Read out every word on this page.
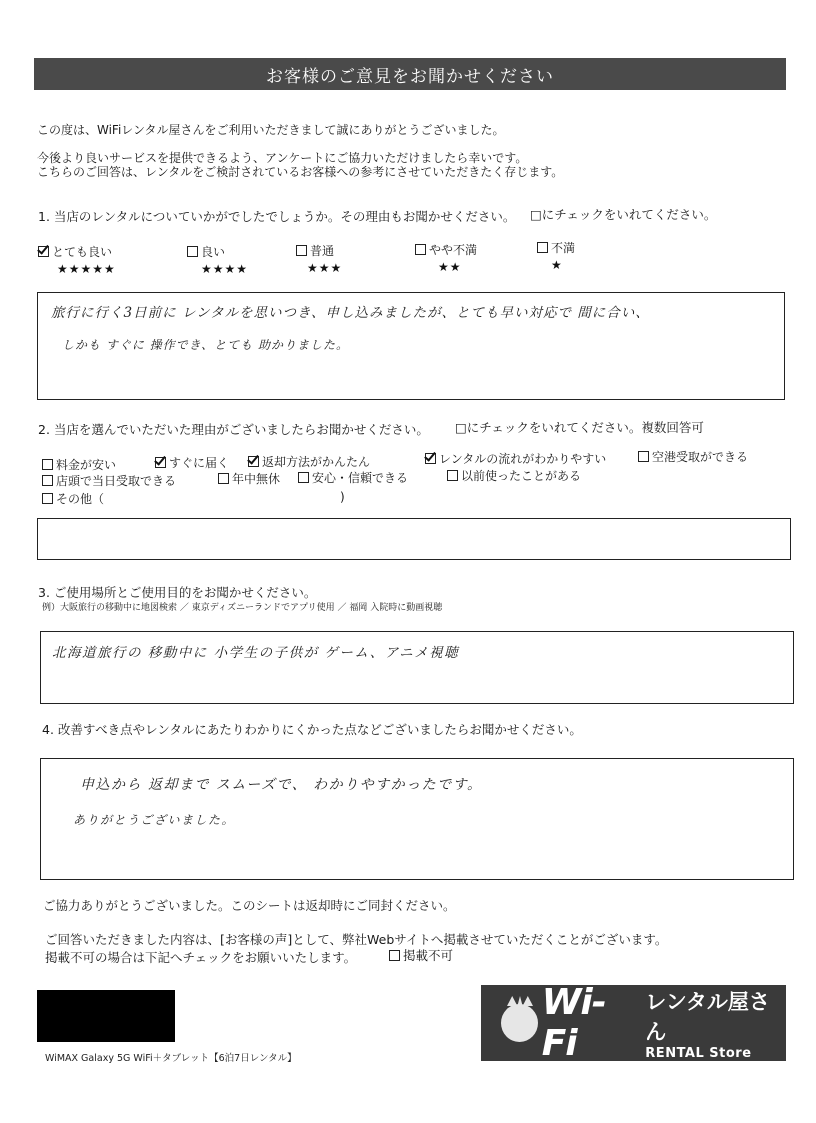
お客様のご意見をお聞かせください
この度は、WiFiレンタル屋さんをご利用いただきまして誠にありがとうございました。
今後より良いサービスを提供できるよう、アンケートにご協力いただけましたら幸いです。
こちらのご回答は、レンタルをご検討されているお客様への参考にさせていただきたく存じます。
1. 当店のレンタルについていかがでしたでしょうか。その理由もお聞かせください。 □にチェックをいれてください。
とても良い
★★★★★
良い
★★★★
普通
★★★
やや不満
★★
不満
★
旅行に行く3日前に レンタルを思いつき、申し込みましたが、とても早い対応で 間に合い、
しかも すぐに 操作でき、とても 助かりました。
2. 当店を選んでいただいた理由がございましたらお聞かせください。 □にチェックをいれてください。複数回答可
料金が安い	すぐに届く	返却方法がかんたん	レンタルの流れがわかりやすい	空港受取ができる
店頭で当日受取できる	年中無休	安心・信頼できる	以前使ったことがある
その他（	)
3. ご使用場所とご使用目的をお聞かせください。
例）大阪旅行の移動中に地図検索 ／ 東京ディズニーランドでアプリ使用 ／ 福岡 入院時に動画視聴
北海道旅行の 移動中に 小学生の子供が ゲーム、アニメ視聴
4. 改善すべき点やレンタルにあたりわかりにくかった点などございましたらお聞かせください。
申込から 返却まで スムーズで、 わかりやすかったです。
ありがとうございました。
ご協力ありがとうございました。このシートは返却時にご同封ください。
ご回答いただきました内容は、[お客様の声]として、弊社Webサイトへ掲載させていただくことがございます。
掲載不可の場合は下記へチェックをお願いいたします。	掲載不可
Wi-Fi
レンタル屋さん
RENTAL Store
WiMAX Galaxy 5G WiFi＋タブレット【6泊7日レンタル】
